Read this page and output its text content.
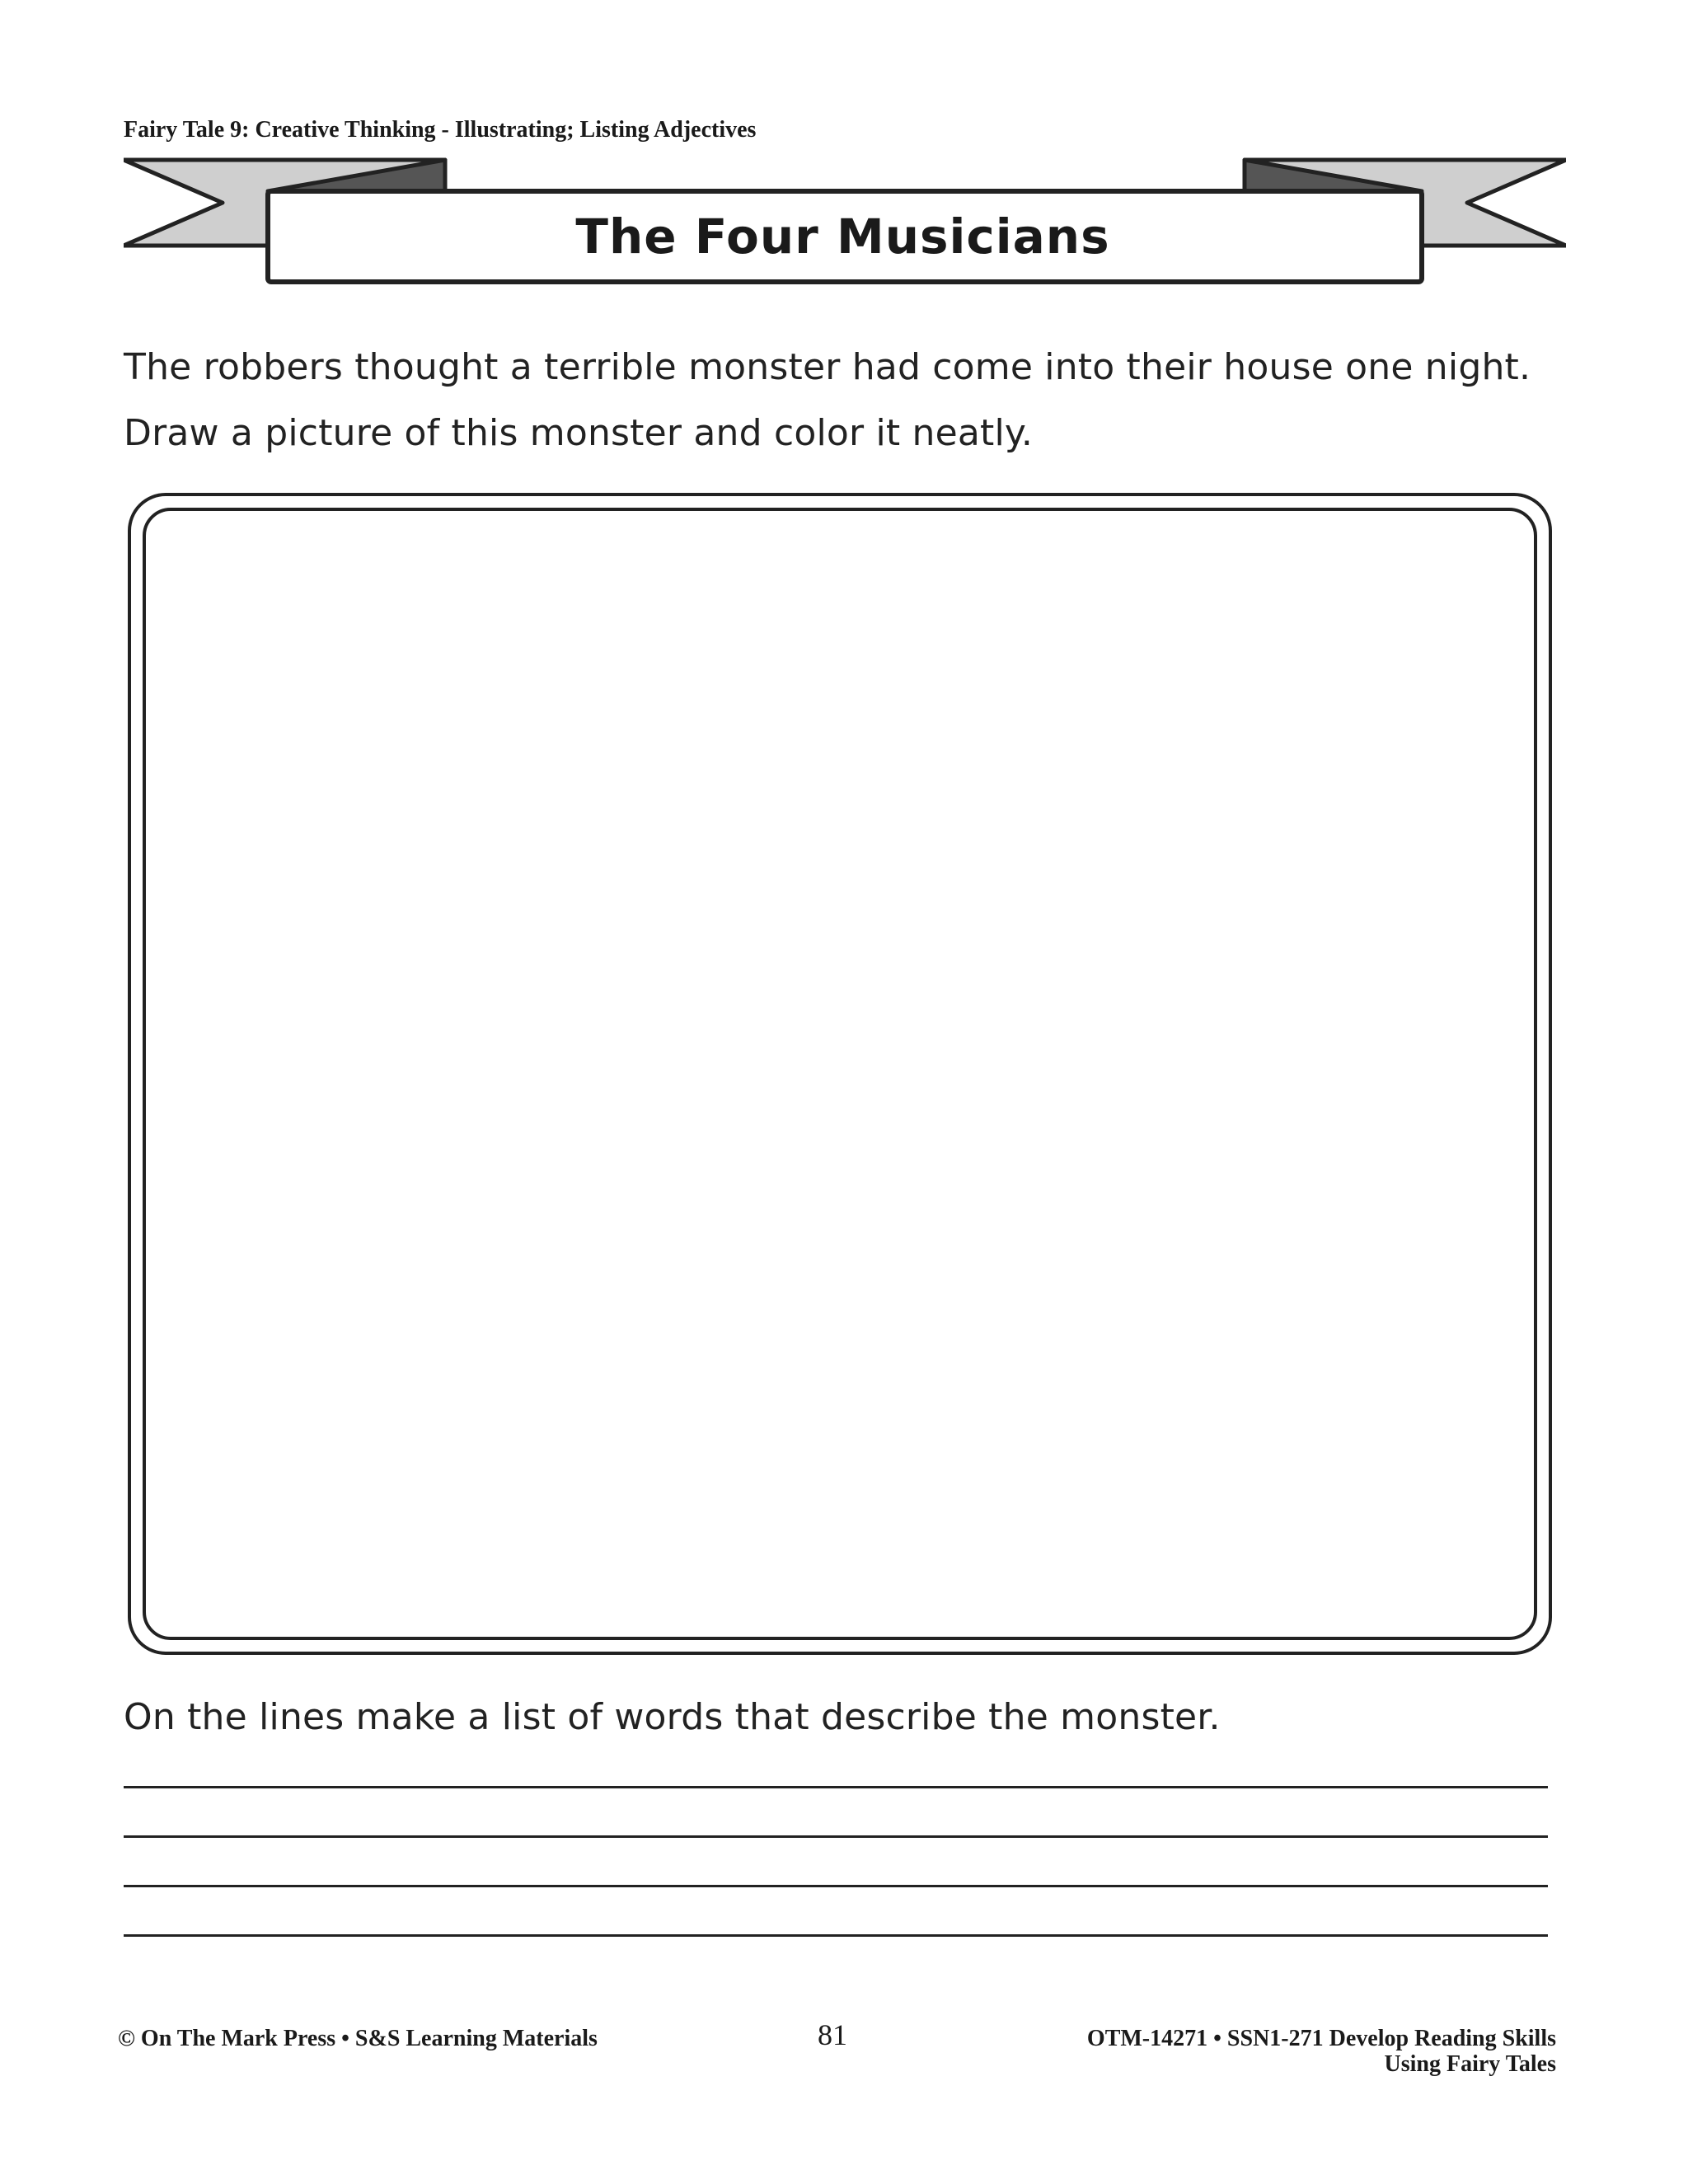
Fairy Tale 9: Creative Thinking - Illustrating; Listing Adjectives
The Four Musicians
The robbers thought a terrible monster had come into their house one night.
Draw a picture of this monster and color it neatly.
On the lines make a list of words that describe the monster.
© On The Mark Press • S&S Learning Materials	81	OTM-14271 • SSN1-271 Develop Reading Skills
Using Fairy Tales
